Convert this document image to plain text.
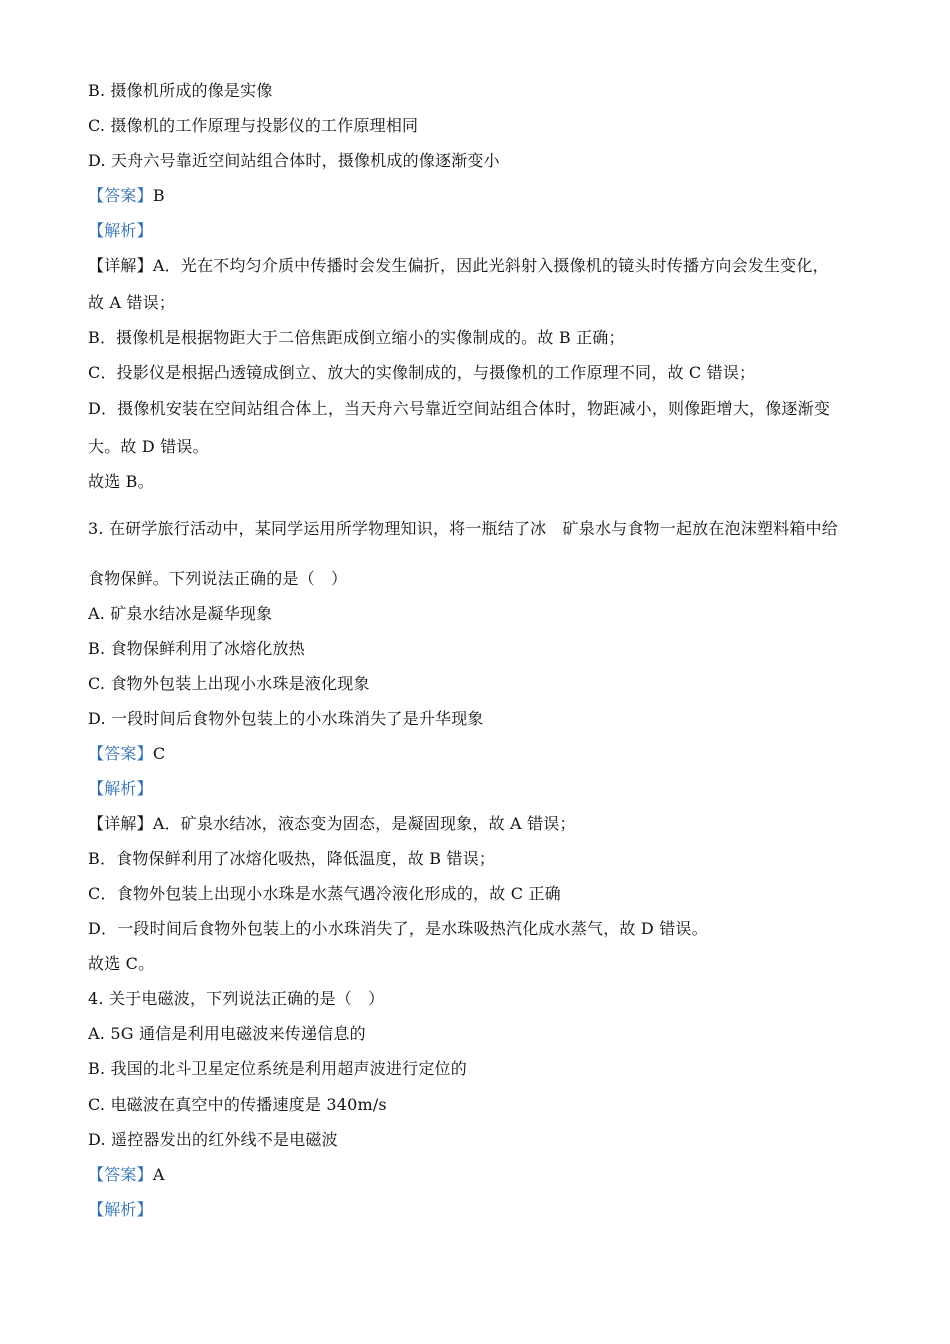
B. 摄像机所成的像是实像
C. 摄像机的工作原理与投影仪的工作原理相同
D. 天舟六号靠近空间站组合体时，摄像机成的像逐渐变小
【答案】B
【解析】
【详解】A．光在不均匀介质中传播时会发生偏折，因此光斜射入摄像机的镜头时传播方向会发生变化，
故 A 错误；
B．摄像机是根据物距大于二倍焦距成倒立缩小的实像制成的。故 B 正确；
C．投影仪是根据凸透镜成倒立、放大的实像制成的，与摄像机的工作原理不同，故 C 错误；
D．摄像机安装在空间站组合体上，当天舟六号靠近空间站组合体时，物距减小，则像距增大，像逐渐变
大。故 D 错误。
故选 B。
3. 在研学旅行活动中，某同学运用所学物理知识，将一瓶结了冰　矿泉水与食物一起放在泡沫塑料箱中给
食物保鲜。下列说法正确的是（　）
A. 矿泉水结冰是凝华现象
B. 食物保鲜利用了冰熔化放热
C. 食物外包装上出现小水珠是液化现象
D. 一段时间后食物外包装上的小水珠消失了是升华现象
【答案】C
【解析】
【详解】A．矿泉水结冰，液态变为固态，是凝固现象，故 A 错误；
B．食物保鲜利用了冰熔化吸热，降低温度，故 B 错误；
C．食物外包装上出现小水珠是水蒸气遇冷液化形成的，故 C 正确
D．一段时间后食物外包装上的小水珠消失了，是水珠吸热汽化成水蒸气，故 D 错误。
故选 C。
4. 关于电磁波，下列说法正确的是（　）
A. 5G 通信是利用电磁波来传递信息的
B. 我国的北斗卫星定位系统是利用超声波进行定位的
C. 电磁波在真空中的传播速度是 340m/s
D. 遥控器发出的红外线不是电磁波
【答案】A
【解析】
